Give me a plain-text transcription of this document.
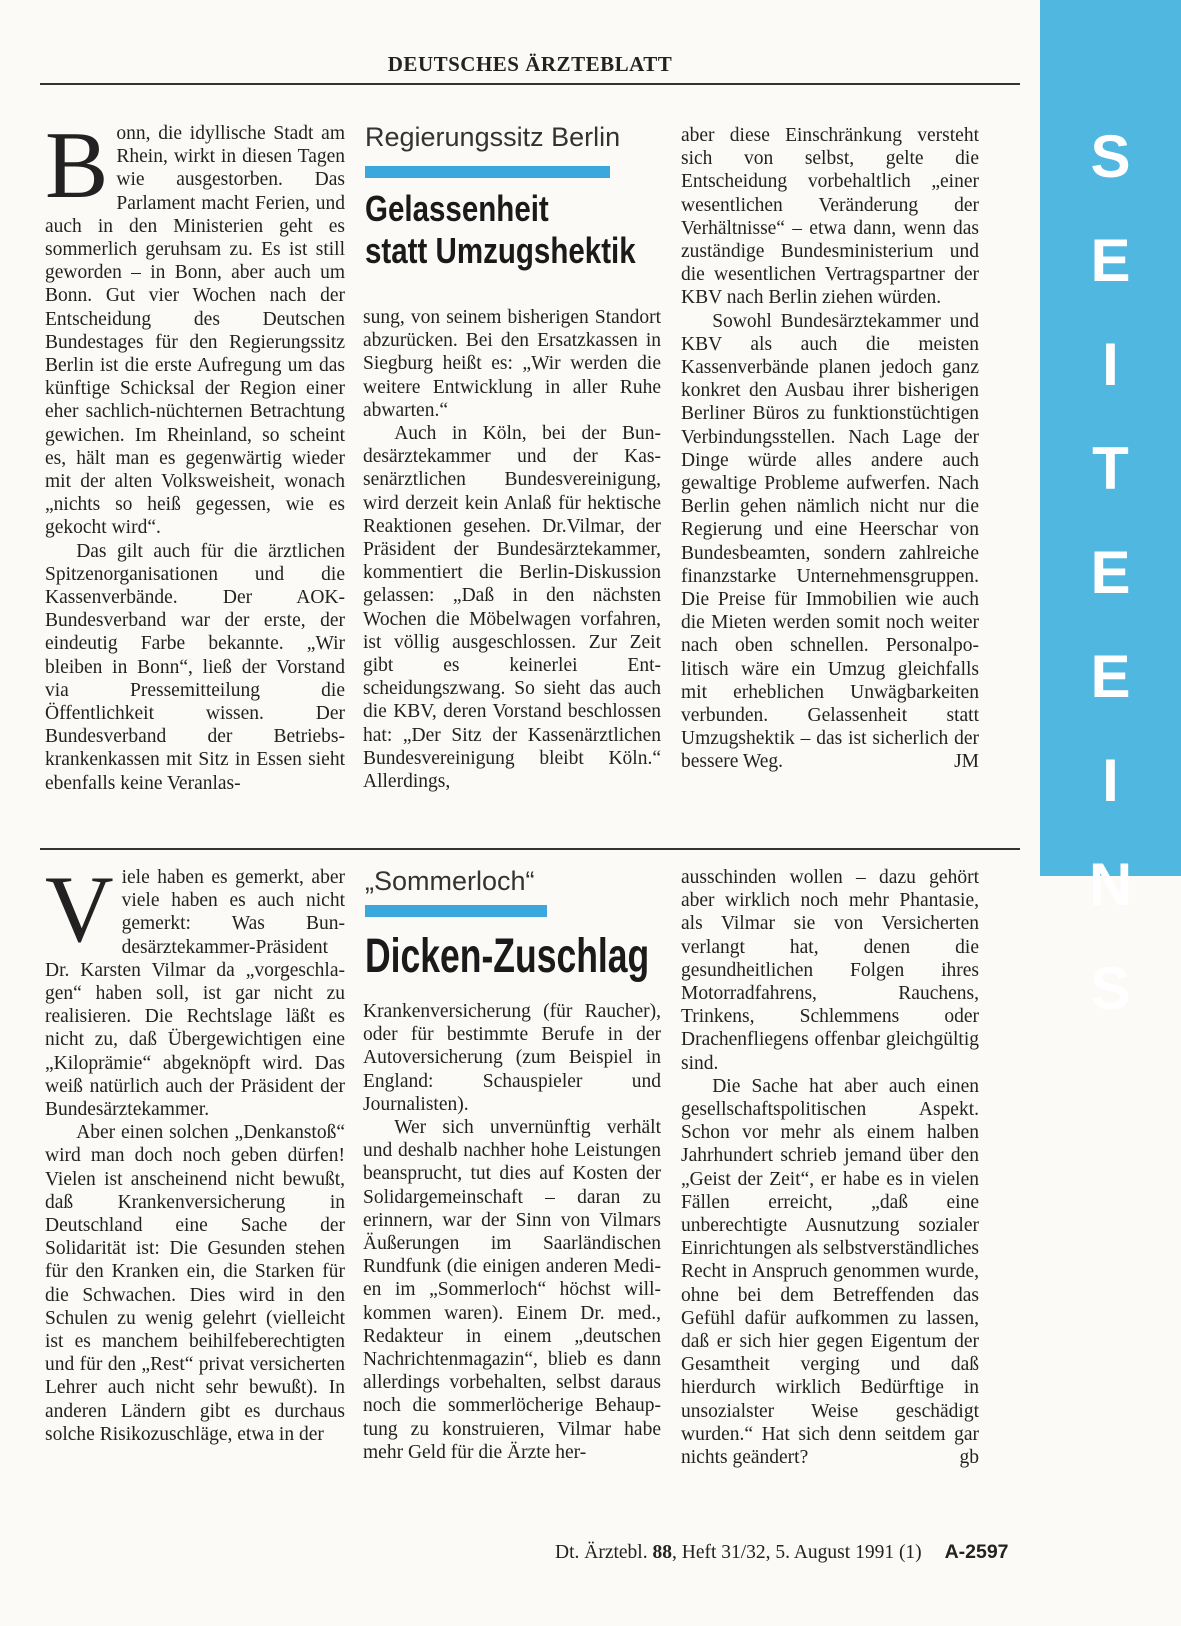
DEUTSCHES ÄRZTEBLATT
S
E
I
T
E
E
I
N
S
B onn, die idyllische Stadt am Rhein, wirkt in diesen Tagen wie ausgestorben. Das Parlament macht Ferien, und auch in den Ministerien geht es sommerlich geruhsam zu. Es ist still geworden – in Bonn, aber auch um Bonn. Gut vier Wochen nach der Entscheidung des Deutschen Bundestages für den Regierungssitz Berlin ist die erste Aufregung um das künftige Schicksal der Region einer eher sachlich-nüchternen Betrachtung gewichen. Im Rheinland, so scheint es, hält man es gegenwärtig wieder mit der alten Volksweisheit, wonach „nichts so heiß gegessen, wie es gekocht wird“.

Das gilt auch für die ärztlichen Spitzenorganisationen und die Kassenverbände. Der AOK-Bundesverband war der erste, der eindeutig Farbe bekannte. „Wir bleiben in Bonn“, ließ der Vorstand via Pressemitteilung die Öffentlichkeit wissen. Der Bundesverband der Betriebskrankenkassen mit Sitz in Essen sieht ebenfalls keine Veranlas-

Regierungssitz Berlin
Gelassenheit
statt Umzugshektik

sung, von seinem bisherigen Standort abzurücken. Bei den Ersatzkassen in Siegburg heißt es: „Wir werden die weitere Entwicklung in aller Ruhe abwarten.“

Auch in Köln, bei der Bundesärztekammer und der Kassenärztlichen Bundesvereinigung, wird derzeit kein Anlaß für hektische Reaktionen gesehen. Dr.Vilmar, der Präsident der Bundesärztekammer, kommentiert die Berlin-Diskussion gelassen: „Daß in den nächsten Wochen die Möbelwagen vorfahren, ist völlig ausgeschlossen. Zur Zeit gibt es keinerlei Entscheidungszwang. So sieht das auch die KBV, deren Vorstand beschlossen hat: „Der Sitz der Kassenärztlichen Bundesvereinigung bleibt Köln.“ Allerdings,

aber diese Einschränkung versteht sich von selbst, gelte die Entscheidung vorbehaltlich „einer wesentlichen Veränderung der Verhältnisse“ – etwa dann, wenn das zuständige Bundesministerium und die wesentlichen Vertragspartner der KBV nach Berlin ziehen würden.

Sowohl Bundesärztekammer und KBV als auch die meisten Kassenverbände planen jedoch ganz konkret den Ausbau ihrer bisherigen Berliner Büros zu funktionstüchtigen Verbindungsstellen. Nach Lage der Dinge würde alles andere auch gewaltige Probleme aufwerfen. Nach Berlin gehen nämlich nicht nur die Regierung und eine Heerschar von Bundesbeamten, sondern zahlreiche finanzstarke Unternehmensgruppen. Die Preise für Immobilien wie auch die Mieten werden somit noch weiter nach oben schnellen. Personalpolitisch wäre ein Umzug gleichfalls mit erheblichen Unwägbarkeiten verbunden. Gelassenheit statt Umzugshektik – das ist sicherlich der bessere Weg.	JM

V iele haben es gemerkt, aber viele haben es auch nicht gemerkt: Was Bundesärztekammer-Präsident Dr. Karsten Vilmar da „vorgeschlagen“ haben soll, ist gar nicht zu realisieren. Die Rechtslage läßt es nicht zu, daß Übergewichtigen eine „Kiloprämie“ abgeknöpft wird. Das weiß natürlich auch der Präsident der Bundesärztekammer.

Aber einen solchen „Denkanstoß“ wird man doch noch geben dürfen! Vielen ist anscheinend nicht bewußt, daß Krankenversicherung in Deutschland eine Sache der Solidarität ist: Die Gesunden stehen für den Kranken ein, die Starken für die Schwachen. Dies wird in den Schulen zu wenig gelehrt (vielleicht ist es manchem beihilfeberechtigten und für den „Rest“ privat versicherten Lehrer auch nicht sehr bewußt). In anderen Ländern gibt es durchaus solche Risikozuschläge, etwa in der

„Sommerloch“
Dicken-Zuschlag

Krankenversicherung (für Raucher), oder für bestimmte Berufe in der Autoversicherung (zum Beispiel in England: Schauspieler und Journalisten).

Wer sich unvernünftig verhält und deshalb nachher hohe Leistungen beansprucht, tut dies auf Kosten der Solidargemeinschaft – daran zu erinnern, war der Sinn von Vilmars Äußerungen im Saarländischen Rundfunk (die einigen anderen Medien im „Sommerloch“ höchst willkommen waren). Einem Dr. med., Redakteur in einem „deutschen Nachrichtenmagazin“, blieb es dann allerdings vorbehalten, selbst daraus noch die sommerlöcherige Behauptung zu konstruieren, Vilmar habe mehr Geld für die Ärzte her-

ausschinden wollen – dazu gehört aber wirklich noch mehr Phantasie, als Vilmar sie von Versicherten verlangt hat, denen die gesundheitlichen Folgen ihres Motorradfahrens, Rauchens, Trinkens, Schlemmens oder Drachenfliegens offenbar gleichgültig sind.

Die Sache hat aber auch einen gesellschaftspolitischen Aspekt. Schon vor mehr als einem halben Jahrhundert schrieb jemand über den „Geist der Zeit“, er habe es in vielen Fällen erreicht, „daß eine unberechtigte Ausnutzung sozialer Einrichtungen als selbstverständliches Recht in Anspruch genommen wurde, ohne bei dem Betreffenden das Gefühl dafür aufkommen zu lassen, daß er sich hier gegen Eigentum der Gesamtheit verging und daß hierdurch wirklich Bedürftige in unsozialster Weise geschädigt wurden.“ Hat sich denn seitdem gar nichts geändert?	gb

Dt. Ärztebl. 88, Heft 31/32, 5. August 1991 (1) A-2597
